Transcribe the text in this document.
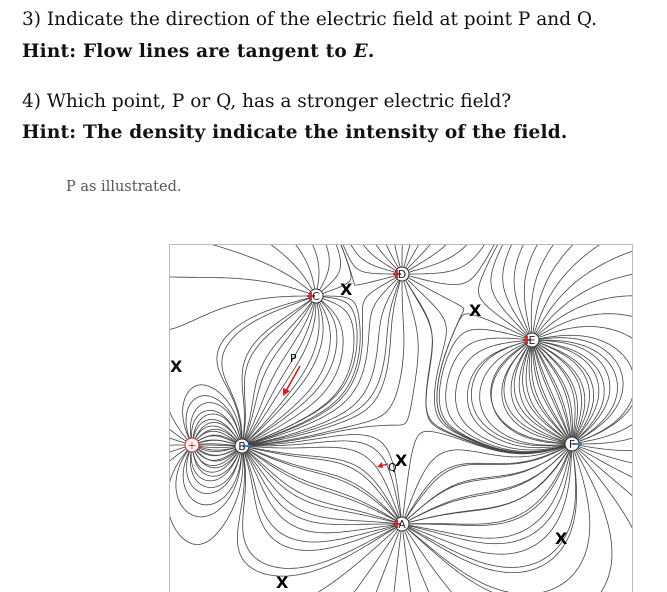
3) Indicate the direction of the electric field at point P and Q.
Hint: Flow lines are tangent to E.
4) Which point, P or Q, has a stronger electric field?
Hint: The density indicate the intensity of the field.
P as illustrated.
X
X
X
X
X
X
P
Q
+	B
C
D
E
F
A
